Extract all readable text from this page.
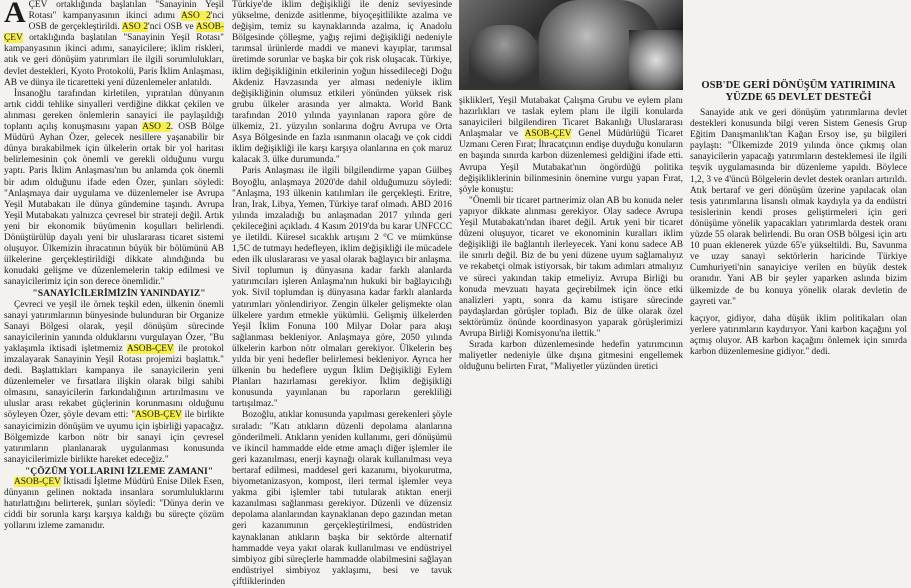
AÇEV ortaklığında başlatılan "Sanayinin Yeşil Rotası" kampanyasının ikinci adımı ASO 2'nci OSB de gerçekleştirildi. ASO 2'nci OSB ve ASOB-ÇEV ortaklığında başlatılan "Sanayinin Yeşil Rotası" kampanyasının ikinci adımı, sanayicilere; iklim riskleri, atık ve geri dönüşüm yatırımları ile ilgili sorumlulukları, devlet destekleri, Kyoto Protokolü, Paris İklim Anlaşması, AB ve dünya ile ticaretteki yeni düzenlemeler anlatıldı.

İnsanoğlu tarafından kirletilen, yıpratılan dünyanın artık ciddi tehlike sinyalleri verdiğine dikkat çekilen ve alınması gereken önlemlerin sanayici ile paylaşıldığı toplantı açılış konuşmasını yapan ASO 2. OSB Bölge Müdürü Ayhan Özer, gelecek nesillere yaşanabilir bir dünya bırakabilmek için ülkelerin ortak bir yol haritası belirlemesinin çok önemli ve gerekli olduğunu vurgu yaptı. Paris İklim Anlaşması'nın bu anlamda çok önemli bir adım olduğunu ifade eden Özer, şunları söyledi: "Anlaşmaya dair uygulama ve düzenlemeler ise Avrupa Yeşil Mutabakatı ile dünya gündemine taşındı. Avrupa Yeşil Mutabakatı yalnızca çevresel bir strateji değil. Artık yeni bir ekonomik büyümenin koşulları belirlendi. Dönüştürülüp dayalı yeni bir uluslararası ticaret sistemi oluşuyor. Ülkemizin ihracatının büyük bir bölümünü AB ülkelerine gerçekleştirildiği dikkate alındığında bu konudaki gelişme ve düzenlemelerin takip edilmesi ve sanayicilerimiz için son derece önemlidir."

"SANAYİCİLERİMİZİN YANINDAYIZ"

Çevreci ve yeşil ile örnek teşkil eden, ülkenin önemli sanayi yatırımlarının bünyesinde bulunduran bir Organize Sanayi Bölgesi olarak, yeşil dönüşüm sürecinde sanayicilerinin yanında olduklarını vurgulayan Özer, "Bu yaklaşımla iktisadi işletmemiz ASOB-ÇEV ile protokol imzalayarak Sanayinin Yeşil Rotası projemizi başlattık." dedi. Başlattıkları kampanya ile sanayicilerin yeni düzenlemeler ve fırsatlara ilişkin olarak bilgi sahibi olmasını, sanayicilerin farkındalığının artırılmasını ve uluslar arası rekabet güçlerinin korunmasını olduğunu söyleyen Özer, şöyle devam etti: "ASOB-ÇEV ile birlikte sanayicimizin dönüşüm ve uyumu için işbirliği yapacağız. Bölgemizde karbon nötr bir sanayi için çevresel yatırımların planlanarak uygulanması konusunda sanayicilerimizle birlikte hareket edeceğiz."

"ÇÖZÜM YOLLARINI İZLEME ZAMANI"

ASOB-ÇEV İktisadi İşletme Müdürü Enise Dilek Esen, dünyanın gelinen noktada insanlara sorumluluklarını hatırlattığını belirterek, şunları söyledi: "Dünya derin ve ciddi bir sorunla karşı karşıya kaldığı bu süreçte çözüm yollarını izleme zamanıdır.

Türkiye'de iklim değişikliği ile deniz seviyesinde yükselme, denizde asitlenme, biyoçeşitlilikte azalma ve değişim, temiz su kaynaklarında azalma, iç Anadolu Bölgesinde çölleşme, yağış rejimi değişikliği nedeniyle tarımsal ürünlerde maddi ve manevi kayıplar, tarımsal üretimde sorunlar ve başka bir çok risk oluşacak. Türkiye, iklim değişikliğinin etkilerinin yoğun hissedileceği Doğu Akdeniz Havzasında yer alması nedeniyle iklim değişikliğinin olumsuz etkileri yönünden yüksek risk grubu ülkeler arasında yer almakta. World Bank tarafından 2010 yılında yayınlanan rapora göre de ülkemiz, 21. yüzyılın sonlarına doğru Avrupa ve Orta Asya Bölgesinde en fazla ısınmanın olacağı ve çok ciddi iklim değişikliği ile karşı karşıya olanlarına en çok maruz kalacak 3. ülke durumunda."

Paris Anlaşması ile ilgili bilgilendirme yapan Gülbeş Boyoğlu, anlaşmaya 2020'de dahil olduğumuzu söyledi: "Anlaşma, 193 ülkenin katılımları ile gerçekleşti. Eritre, İran, Irak, Libya, Yemen, Türkiye taraf olmadı. ABD 2016 yılında imzaladığı bu anlaşmadan 2017 yılında geri çekileceğini açıkladı. 4 Kasım 2019'da bu karar UNFCCC ye iletildi. Küresel sıcaklık artışını 2 °C ve mümkünse 1,5C de tutmayı hedefleyen, iklim değişikliği ile mücadele eden ilk uluslararası ve yasal olarak bağlayıcı bir anlaşma. Sivil toplumun iş dünyasına kadar farklı alanlarda yatırımcıları işleren Anlaşma'nın hukuki bir bağlayıcılığı yok. Sivil toplumdan iş dünyasına kadar farklı alanlarda yatırımları yönlendiriyor. Zengin ülkeler gelişmekte olan ülkelere yardım etmekle yükümlü. Gelişmiş ülkelerden Yeşil İklim Fonuna 100 Milyar Dolar para akışı sağlanması bekleniyor. Anlaşmaya göre, 2050 yılında ülkelerin karbon nötr olmaları gerekiyor. Ülkelerin beş yılda bir yeni hedefler belirlemesi bekleniyor. Ayrıca her ülkenin bu hedeflere uygun İklim Değişikliği Eylem Planları hazırlaması gerekiyor. İklim değişikliği konusunda yayınlanan bu raporların gerekliliği tartışılmaz."

Bozoğlu, atıklar konusunda yapılması gerekenleri şöyle sıraladı: "Katı atıkların düzenli depolama alanlarına gönderilmeli. Atıkların yeniden kullanımı, geri dönüşümü ve ikincil hammadde elde etme amaçlı diğer işlemler ile geri kazanılması, enerji kaynağı olarak kullanılması veya bertaraf edilmesi, maddesel geri kazanımı, biyokurutma, biyometanizasyon, kompost, ileri termal işlemler veya yakma gibi işlemler tabi tutularak atıktan enerji kazanılması sağlanması gerekiyor. Düzenli ve düzensiz depolama alanlarından kaynaklanan depo gazından metan geri kazanımının gerçekleştirilmesi, endüstriden kaynaklanan atıkların başka bir sektörde alternatif hammadde veya yakıt olarak kullanılması ve endüstriyel simbiyoz gibi süreçlerle hammadde olabilmesini sağlayan endüstriyel simbiyoz yaklaşımı, besi ve tavuk çiftliklerinden

şikliklerī, Yeşil Mutabakat Çalışma Grubu ve eylem planı hazırlıkları ve taslak eylem planı ile ilgili konularda sanayicileri bilgilendiren Ticaret Bakanlığı Uluslararası Anlaşmalar ve ASOB-ÇEV Genel Müdürlüğü Ticaret Uzmanı Ceren Fırat; İhracatçının endişe duyduğu konuların en başında sınırda karbon düzenlemesi geldiğini ifade etti. Avrupa Yeşil Mutabakat'nın öngördüğü politika değişikliklerinin bilinmesinin önemine vurgu yapan Fırat, şöyle konuştu:

"Önemli bir ticaret partnerimiz olan AB bu konuda neler yapıyor dikkate alınması gerekiyor. Olay sadece Avrupa Yeşil Mutabakatı'ndan ibaret değil. Artık yeni bir ticaret düzeni oluşuyor, ticaret ve ekonominin kuralları iklim değişikliği ile bağlantılı ilerleyecek. Yani konu sadece AB ile sınırlı değil. Biz de bu yeni düzene uyum sağlamalıyız ve rekabetçi olmak istiyorsak, bir takım adımları atmalıyız ve süreci yakından takip etmeliyiz. Avrupa Birliği bu konuda mevzuatı hayata geçirebilmek için önce etki analizleri yaptı, sonra da kamu istişare sürecinde paydaşlardan görüşler toplađı. Biz de ülke olarak özel sektörümüz önünde koordinasyon yaparak görüşlerimizi Avrupa Birliği Komisyonu'na ilettik."

Sırada karbon düzenlemesinde hedefin yatırımcının maliyetler nedeniyle ülke dışına gitmesini engellemek olduğunu belirten Fırat, "Maliyetler yüzünden üretici

OSB'DE GERİ DÖNÜŞÜM YATIRIMINA YÜZDE 65 DEVLET DESTEĞİ

Sanayide atık ve geri dönüşüm yatırımlarına devlet destekleri konusunda bilgi veren Sistem Genesis Grup Eğitim Danışmanlık'tan Kağan Ersoy ise, şu bilgileri paylaştı: "Ülkemizde 2019 yılında önce çıkmış olan sanayicilerin yapacağı yatırımların desteklemesi ile ilgili teşvik uygulamasında bir düzenleme yapıldı. Böylece 1,2, 3 ve 4'üncü Bölgelerin devlet destek oranları artırıldı. Atık bertaraf ve geri dönüşüm üzerine yapılacak olan tesis yatırımlarına lisanslı olmak kaydıyla ya da endüstri tesislerinin kendi proses geliştirmeleri için geri dönüşüme yönelik yapacakları yatırımlarda destek oranı yüzde 55 olarak belirlendi. Bu oran OSB bölgesi için artı 10 puan eklenerek yüzde 65'e yükseltildi. Bu, Savunma ve uzay sanayi sektörlerin haricinde Türkiye Cumhuriyeti'nin sanayiciye verilen en büyük destek oranıdır. Yani AB bir şeyler yaparken aslında bizim ülkemizde de bu konuya yönelik olarak devletin de gayreti var."

kaçıyor, gidiyor, daha düşük iklim politikaları olan yerlere yatırımların kaydırıyor. Yani karbon kaçağını yol açmış oluyor. AB karbon kaçağını önlemek için sınırda karbon düzenlemesine gidiyor." dedi.
